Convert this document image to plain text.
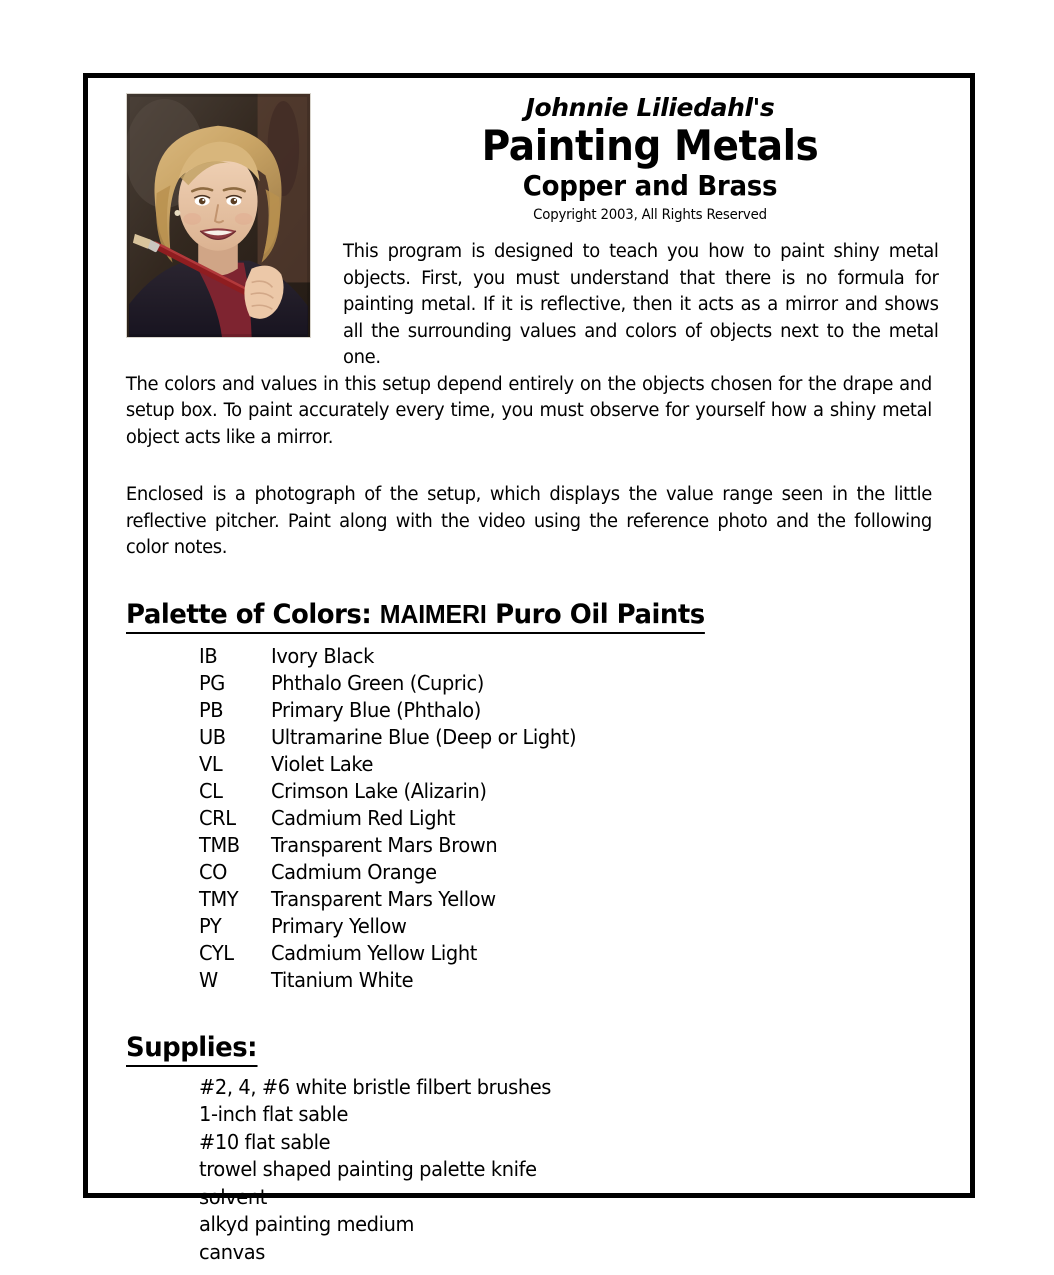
Johnnie Liliedahl's

Painting Metals

Copper and Brass

Copyright 2003, All Rights Reserved

This program is designed to teach you how to paint shiny metal objects. First, you must understand that there is no formula for painting metal. If it is reflective, then it acts as a mirror and shows all the surrounding values and colors of objects next to the metal one.

The colors and values in this setup depend entirely on the objects chosen for the drape and setup box. To paint accurately every time, you must observe for yourself how a shiny metal object acts like a mirror.

Enclosed is a photograph of the setup, which displays the value range seen in the little reflective pitcher. Paint along with the video using the reference photo and the following color notes.

Palette of Colors: MAIMERI Puro Oil Paints
IB	Ivory Black
PG	Phthalo Green (Cupric)
PB	Primary Blue (Phthalo)
UB	Ultramarine Blue (Deep or Light)
VL	Violet Lake
CL	Crimson Lake (Alizarin)
CRL	Cadmium Red Light
TMB	Transparent Mars Brown
CO	Cadmium Orange
TMY	Transparent Mars Yellow
PY	Primary Yellow
CYL	Cadmium Yellow Light
W	Titanium White
Supplies:
#2, 4, #6 white bristle filbert brushes
1-inch flat sable
#10 flat sable
trowel shaped painting palette knife
solvent
alkyd painting medium
canvas
